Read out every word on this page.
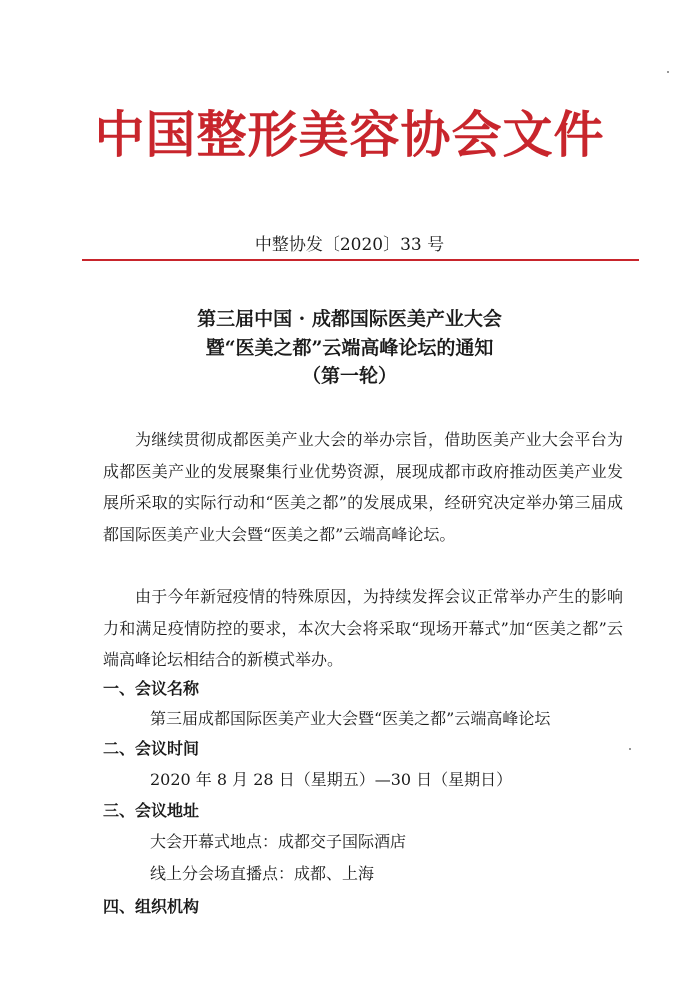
中国整形美容协会文件
中整协发〔2020〕33 号
第三届中国 · 成都国际医美产业大会
暨“医美之都”云端高峰论坛的通知
（第一轮）
为继续贯彻成都医美产业大会的举办宗旨，借助医美产业大会平台为成都医美产业的发展聚集行业优势资源，展现成都市政府推动医美产业发展所采取的实际行动和“医美之都”的发展成果，经研究决定举办第三届成都国际医美产业大会暨“医美之都”云端高峰论坛。
由于今年新冠疫情的特殊原因，为持续发挥会议正常举办产生的影响力和满足疫情防控的要求，本次大会将采取“现场开幕式”加“医美之都”云端高峰论坛相结合的新模式举办。
一、会议名称
第三届成都国际医美产业大会暨“医美之都”云端高峰论坛
二、会议时间
2020 年 8 月 28 日（星期五）—30 日（星期日）
三、会议地址
大会开幕式地点：成都交子国际酒店
线上分会场直播点：成都、上海
四、组织机构
